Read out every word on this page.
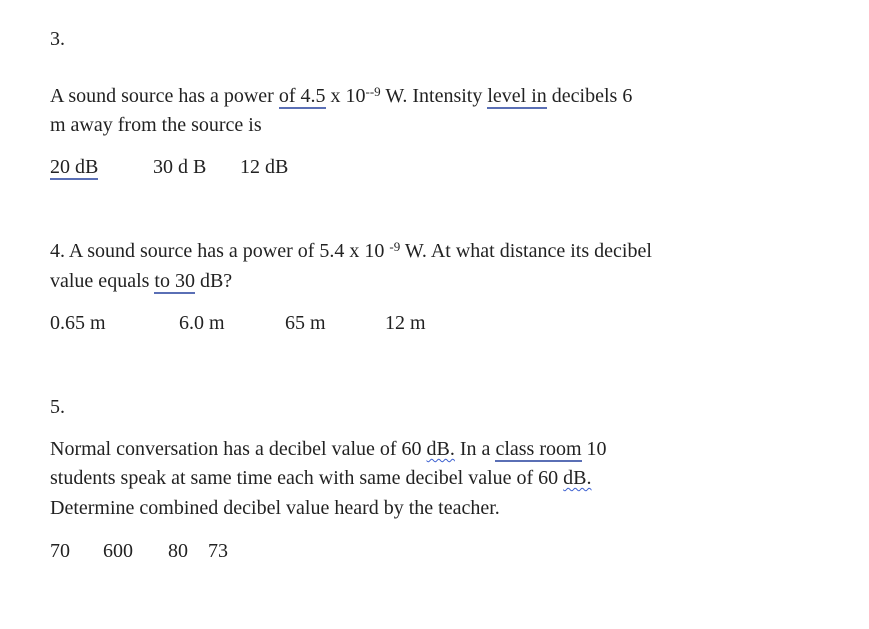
3.
A sound source has a power of 4.5 x $10^{--9}$ W. Intensity level in decibels 6
m away from the source is
20 dB	30 d B 12 dB
4. A sound source has a power of 5.4 x 10 $^{-9}$ W. At what distance its decibel
value equals to 30 dB?
0.65 m	6.0 m	65 m	12 m
5.
Normal conversation has a decibel value of 60 dB. In a class room 10
students speak at same time each with same decibel value of 60 dB.
Determine combined decibel value heard by the teacher.
70 600 80 73
